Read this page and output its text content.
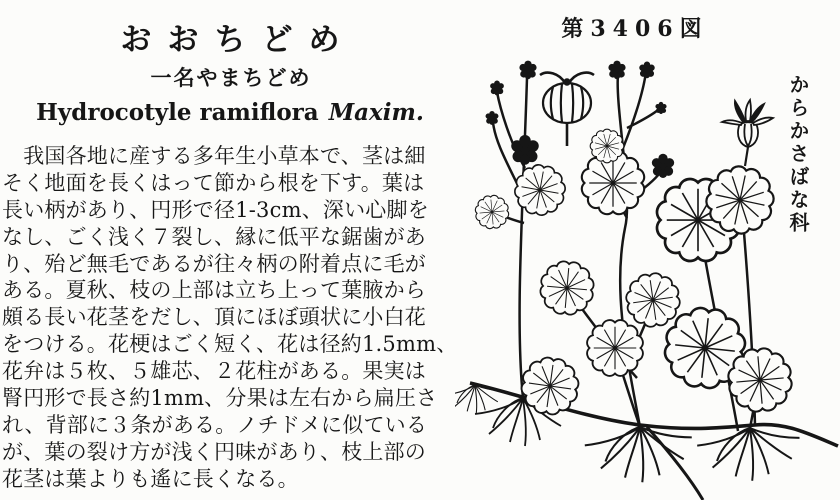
おおちどめ
一名やまちどめ
Hydrocotyle ramiflora Maxim.
　我国各地に産する多年生小草本で、茎は細
そく地面を長くはって節から根を下す。葉は
長い柄があり、円形で径1-3cm、深い心脚を
なし、ごく浅く７裂し、縁に低平な鋸歯があ
り、殆ど無毛であるが往々柄の附着点に毛が
ある。夏秋、枝の上部は立ち上って葉腋から
頗る長い花茎をだし、頂にほぼ頭状に小白花
をつける。花梗はごく短く、花は径約1.5mm、
花弁は５枚、５雄芯、２花柱がある。果実は
腎円形で長さ約1mm、分果は左右から扁圧さ
れ、背部に３条がある。ノチドメに似ている
が、葉の裂け方が浅く円味があり、枝上部の
花茎は葉よりも遙に長くなる。
第3406図
からかさばな科
